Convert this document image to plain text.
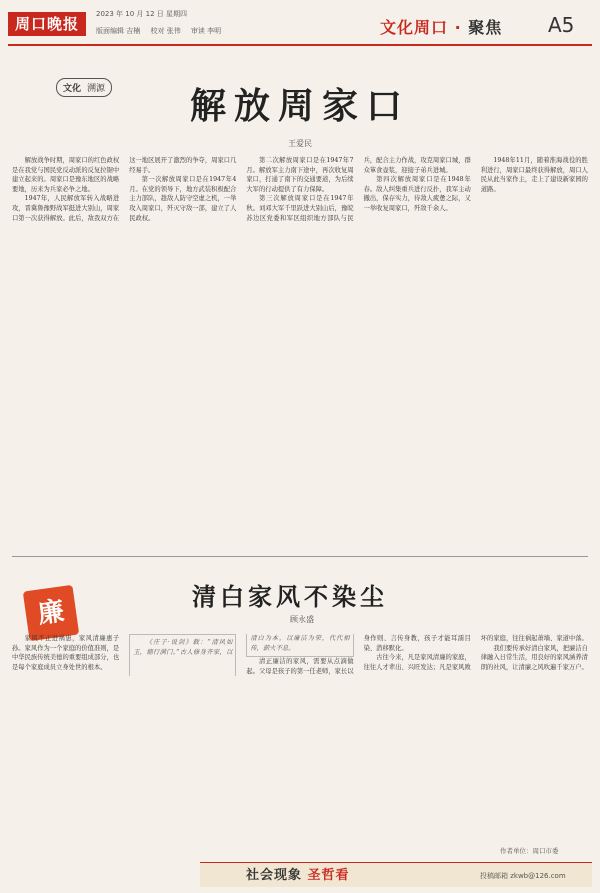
周口晚报
2023 年 10 月 12 日 星期四
版面编辑 吉楠 校对 张伟 审读 李明	文化周口 · 聚焦 A5
文化 溯源	解放周家口
王爱民

解放战争时期，周家口的红色政权是在我党与国民党反动派的反复拉锯中建立起来的。周家口是豫东地区的战略要地，历来为兵家必争之地。

1947年，人民解放军转入战略进攻，晋冀鲁豫野战军挺进大别山，周家口第一次获得解放。此后，敌我双方在这一地区展开了激烈的争夺，周家口几经易手。

第一次解放周家口是在1947年4月。在党的领导下，地方武装积极配合主力部队，趁敌人防守空虚之机，一举攻入周家口，歼灭守敌一部，建立了人民政权。

第二次解放周家口是在1947年7月。解放军主力南下途中，再次收复周家口，打通了南下的交通要道，为后续大军的行动提供了有力保障。

第三次解放周家口是在1947年秋。刘邓大军千里跃进大别山后，豫皖苏边区党委和军区组织地方部队与民兵，配合主力作战，攻克周家口城，群众箪食壶浆，迎接子弟兵进城。

第四次解放周家口是在1948年春。敌人纠集重兵进行反扑，我军主动撤出，保存实力，待敌人疲惫之际，又一举收复周家口，歼敌千余人。

1948年11月，随着淮海战役的胜利进行，周家口最终获得解放，周口人民从此当家作主，走上了建设新家园的道路。

廉	清白家风不染尘
顾永盛

家风不正进祸患，家风清廉惠子孙。家风作为一个家庭的价值准则，是中华民族传统美德的重要组成部分，也是每个家庭成员立身处世的根本。

《庄子·说剑》载：“清风如玉，德行满门。”古人修身齐家，以清白为本，以廉洁为荣，代代相传，薪火不息。

清正廉洁的家风，需要从点滴做起。父母是孩子的第一任老师，家长以身作则、言传身教，孩子才能耳濡目染、潜移默化。

古往今来，凡是家风清廉的家庭，往往人才辈出、兴旺发达；凡是家风败坏的家庭，往往祸起萧墙、家道中落。

我们要传承好清白家风，把廉洁自律融入日常生活，用良好的家风涵养清朗的社风，让清廉之风吹遍千家万户。

作者单位：周口市委
社会现象 圣哲看	投稿邮箱 zkwb@126.com
